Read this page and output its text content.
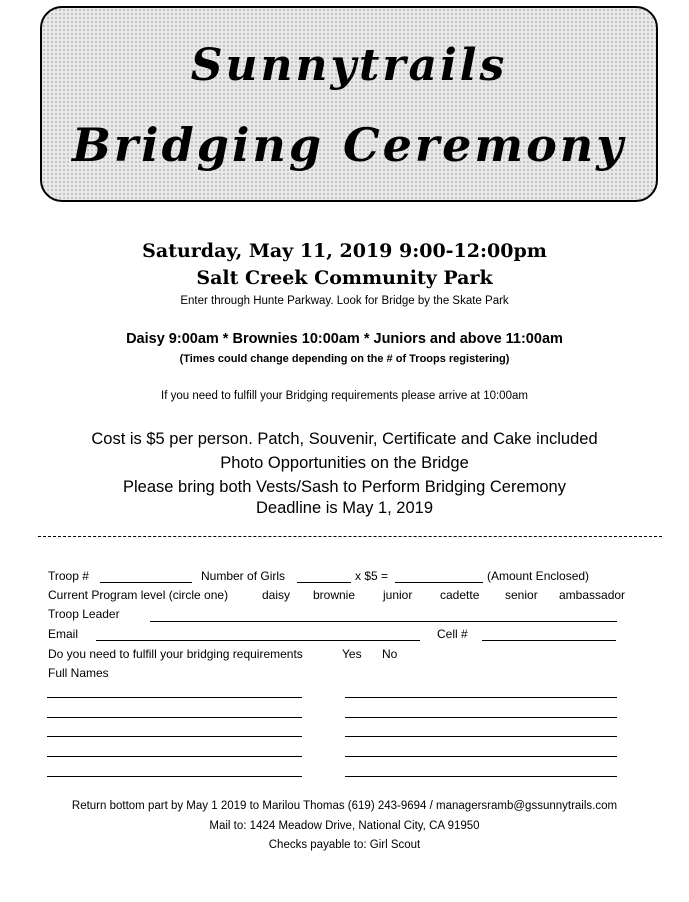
Sunnytrails
Bridging Ceremony
Saturday, May 11, 2019 9:00-12:00pm
Salt Creek Community Park
Enter through Hunte Parkway. Look for Bridge by the Skate Park
Daisy 9:00am * Brownies 10:00am * Juniors and above 11:00am
(Times could change depending on the # of Troops registering)
If you need to fulfill your Bridging requirements please arrive at 10:00am
Cost is $5 per person. Patch, Souvenir, Certificate and Cake included
Photo Opportunities on the Bridge
Please bring both Vests/Sash to Perform Bridging Ceremony
Deadline is May 1, 2019
Troop #	Number of Girls	x $5 =	(Amount Enclosed)
Current Program level (circle one)	daisy brownie junior cadette senior ambassador
Troop Leader
Email	Cell #
Do you need to fulfill your bridging requirements	Yes No
Full Names
Return bottom part by May 1 2019 to Marilou Thomas (619) 243-9694 / managersramb@gssunnytrails.com
Mail to: 1424 Meadow Drive, National City, CA 91950
Checks payable to: Girl Scout
